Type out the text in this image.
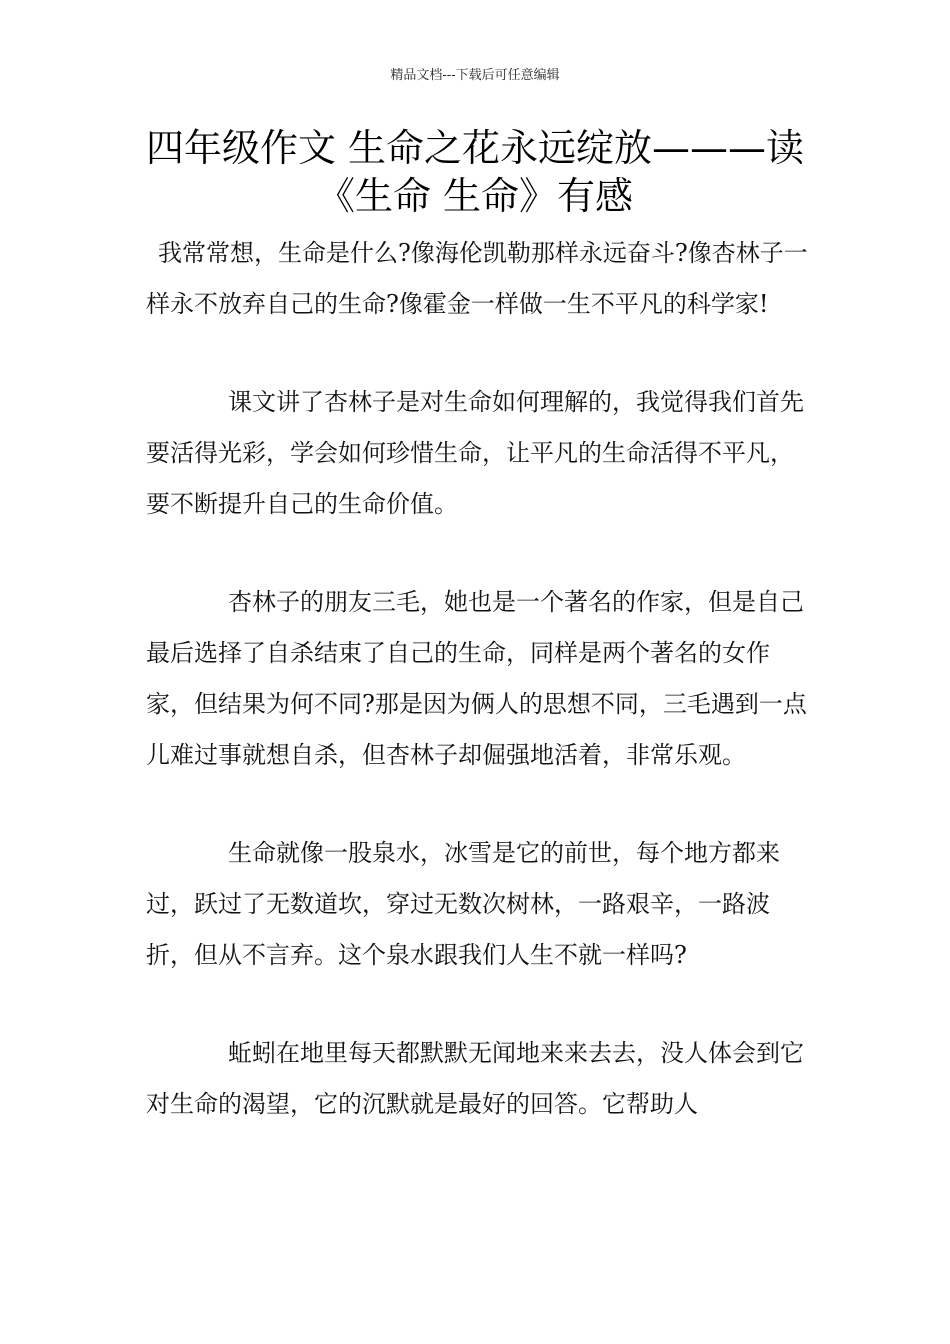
精品文档---下载后可任意编辑
四年级作文 生命之花永远绽放———读《生命 生命》有感

我常常想，生命是什么?像海伦凯勒那样永远奋斗?像杏林子一样永不放弃自己的生命?像霍金一样做一生不平凡的科学家!

课文讲了杏林子是对生命如何理解的，我觉得我们首先要活得光彩，学会如何珍惜生命，让平凡的生命活得不平凡，要不断提升自己的生命价值。

杏林子的朋友三毛，她也是一个著名的作家，但是自己最后选择了自杀结束了自己的生命，同样是两个著名的女作家，但结果为何不同?那是因为俩人的思想不同，三毛遇到一点儿难过事就想自杀，但杏林子却倔强地活着，非常乐观。

生命就像一股泉水，冰雪是它的前世，每个地方都来过，跃过了无数道坎，穿过无数次树林，一路艰辛，一路波折，但从不言弃。这个泉水跟我们人生不就一样吗?

蚯蚓在地里每天都默默无闻地来来去去，没人体会到它对生命的渴望，它的沉默就是最好的回答。它帮助人
